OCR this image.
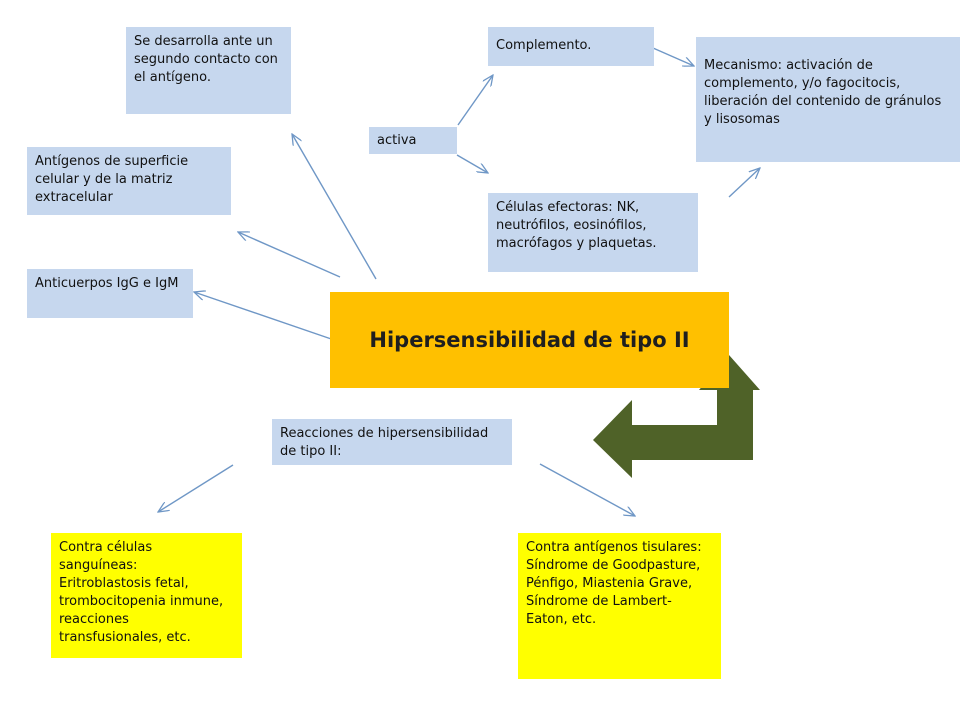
Se desarrolla ante un segundo contacto con el antígeno.
Antígenos de superficie celular y de la matriz extracelular
Anticuerpos IgG e IgM
activa
Complemento.
Mecanismo: activación de complemento, y/o fagocitocis, liberación del contenido de gránulos y lisosomas
Células efectoras: NK, neutrófilos, eosinófilos,
macrófagos y plaquetas.
Hipersensibilidad de tipo II
Reacciones de hipersensibilidad de tipo II:
Contra células sanguíneas:
Eritroblastosis fetal, trombocitopenia inmune, reacciones transfusionales, etc.
Contra antígenos tisulares:
Síndrome de Goodpasture, Pénfigo, Miastenia Grave, Síndrome de Lambert-Eaton, etc.
